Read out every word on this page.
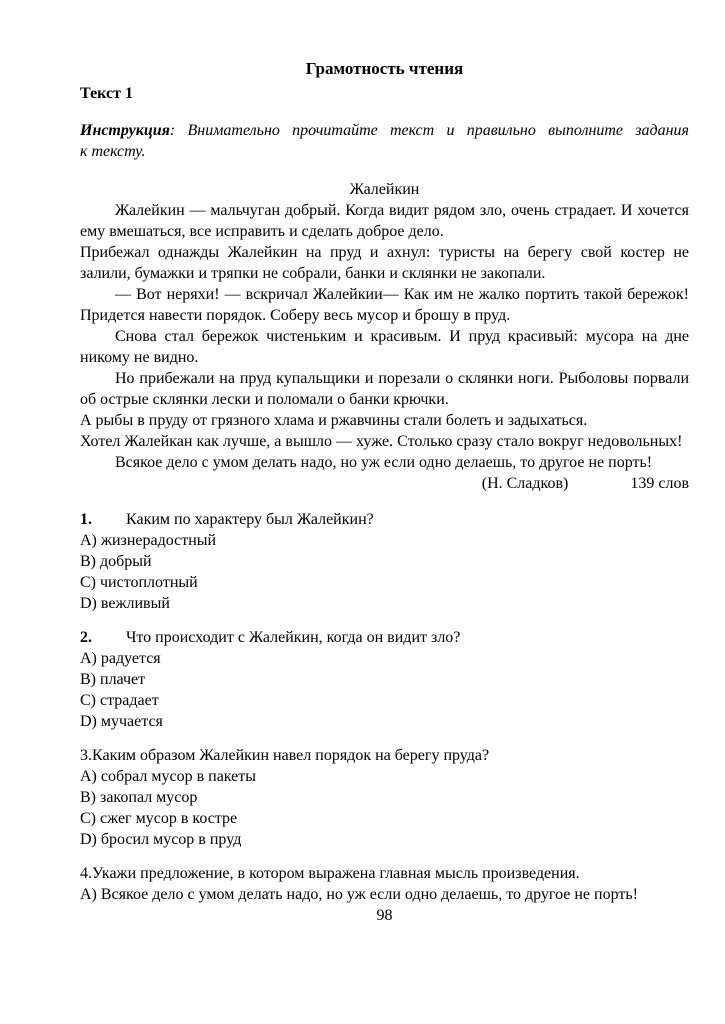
Грамотность чтения
Текст 1
Инструкция: Внимательно прочитайте текст и правильно выполните задания
к тексту.
Жалейкин

Жалейкин — мальчуган добрый. Когда видит рядом зло, очень страдает. И хочется ему вмешаться, все исправить и сделать доброе дело.

Прибежал однажды Жалейкин на пруд и ахнул: туристы на берегу свой костер не залили, бумажки и тряпки не собрали, банки и склянки не закопали.

— Вот неряхи! — вскричал Жалейкии— Как им не жалко портить такой бережок! Придется навести порядок. Соберу весь мусор и брошу в пруд.

Снова стал бережок чистеньким и красивым. И пруд красивый: мусора на дне никому не видно.

Но прибежали на пруд купальщики и порезали о склянки ноги. Рыболовы порвали об острые склянки лески и поломали о банки крючки.

А рыбы в пруду от грязного хлама и ржавчины стали болеть и задыхаться.

Хотел Жалейкан как лучше, а вышло — хуже. Столько сразу стало вокруг недовольных!

Всякое дело с умом делать надо, но уж если одно делаешь, то другое не порть!

(Н. Сладков)	139 слов
1. Каким по характеру был Жалейкин?
A) жизнерадостный
B) добрый
C) чистоплотный
D) вежливый
2. Что происходит с Жалейкин, когда он видит зло?
A) радуется
B) плачет
C) страдает
D) мучается
3.Каким образом Жалейкин навел порядок на берегу пруда?
A) собрал мусор в пакеты
B) закопал мусор
C) сжег мусор в костре
D) бросил мусор в пруд
4.Укажи предложение, в котором выражена главная мысль произведения.
A) Всякое дело с умом делать надо, но уж если одно делаешь, то другое не порть!
98
